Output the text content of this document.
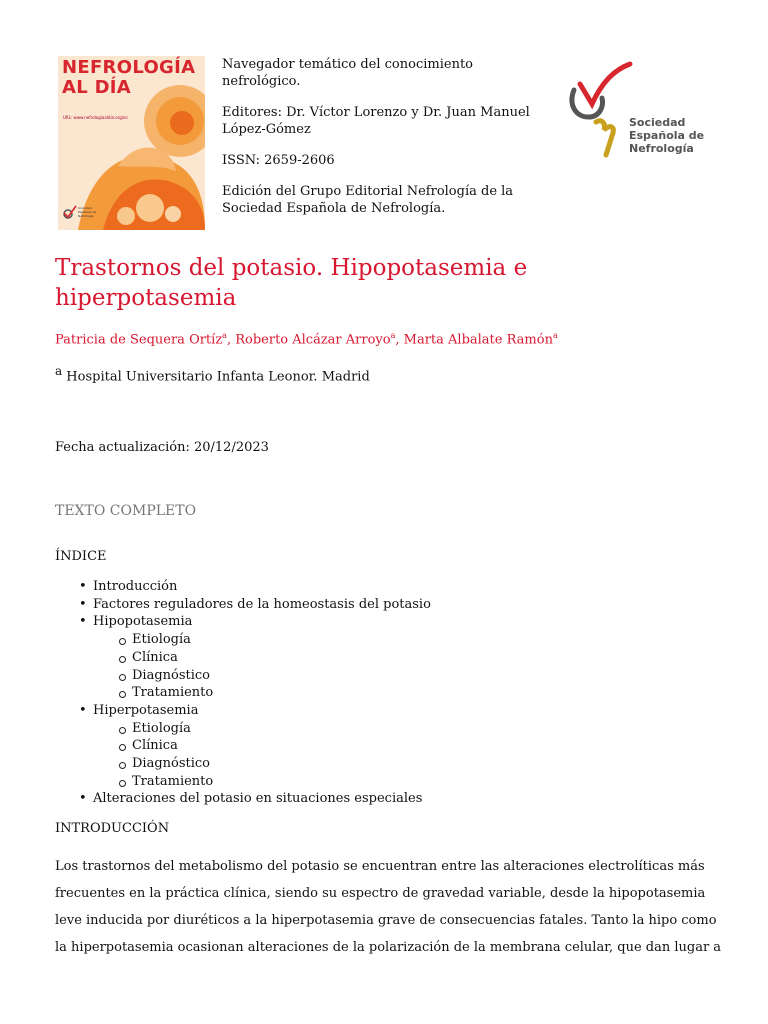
NEFROLOGÍA
AL DÍA
URL: www.nefrologiaaldia.org/es
Sociedad
Española de
Nefrología

Navegador temático del conocimiento nefrológico.

Editores: Dr. Víctor Lorenzo y Dr. Juan Manuel López-Gómez

ISSN: 2659-2606

Edición del Grupo Editorial Nefrología de la Sociedad Española de Nefrología.

Sociedad
Española de
Nefrología
Trastornos del potasio. Hipopotasemia e hiperpotasemia
Patricia de Sequera Ortíz$^a$, Roberto Alcázar Arroyo$^a$, Marta Albalate Ramón$^a$
$^a$ Hospital Universitario Infanta Leonor. Madrid
Fecha actualización: 20/12/2023
TEXTO COMPLETO
ÍNDICE
• Introducción
• Factores reguladores de la homeostasis del potasio
• Hipopotasemia
Etiología
Clínica
Diagnóstico
Tratamiento
• Hiperpotasemia
Etiología
Clínica
Diagnóstico
Tratamiento
• Alteraciones del potasio en situaciones especiales
INTRODUCCIÓN
Los trastornos del metabolismo del potasio se encuentran entre las alteraciones electrolíticas más
frecuentes en la práctica clínica, siendo su espectro de gravedad variable, desde la hipopotasemia
leve inducida por diuréticos a la hiperpotasemia grave de consecuencias fatales. Tanto la hipo como
la hiperpotasemia ocasionan alteraciones de la polarización de la membrana celular, que dan lugar a
